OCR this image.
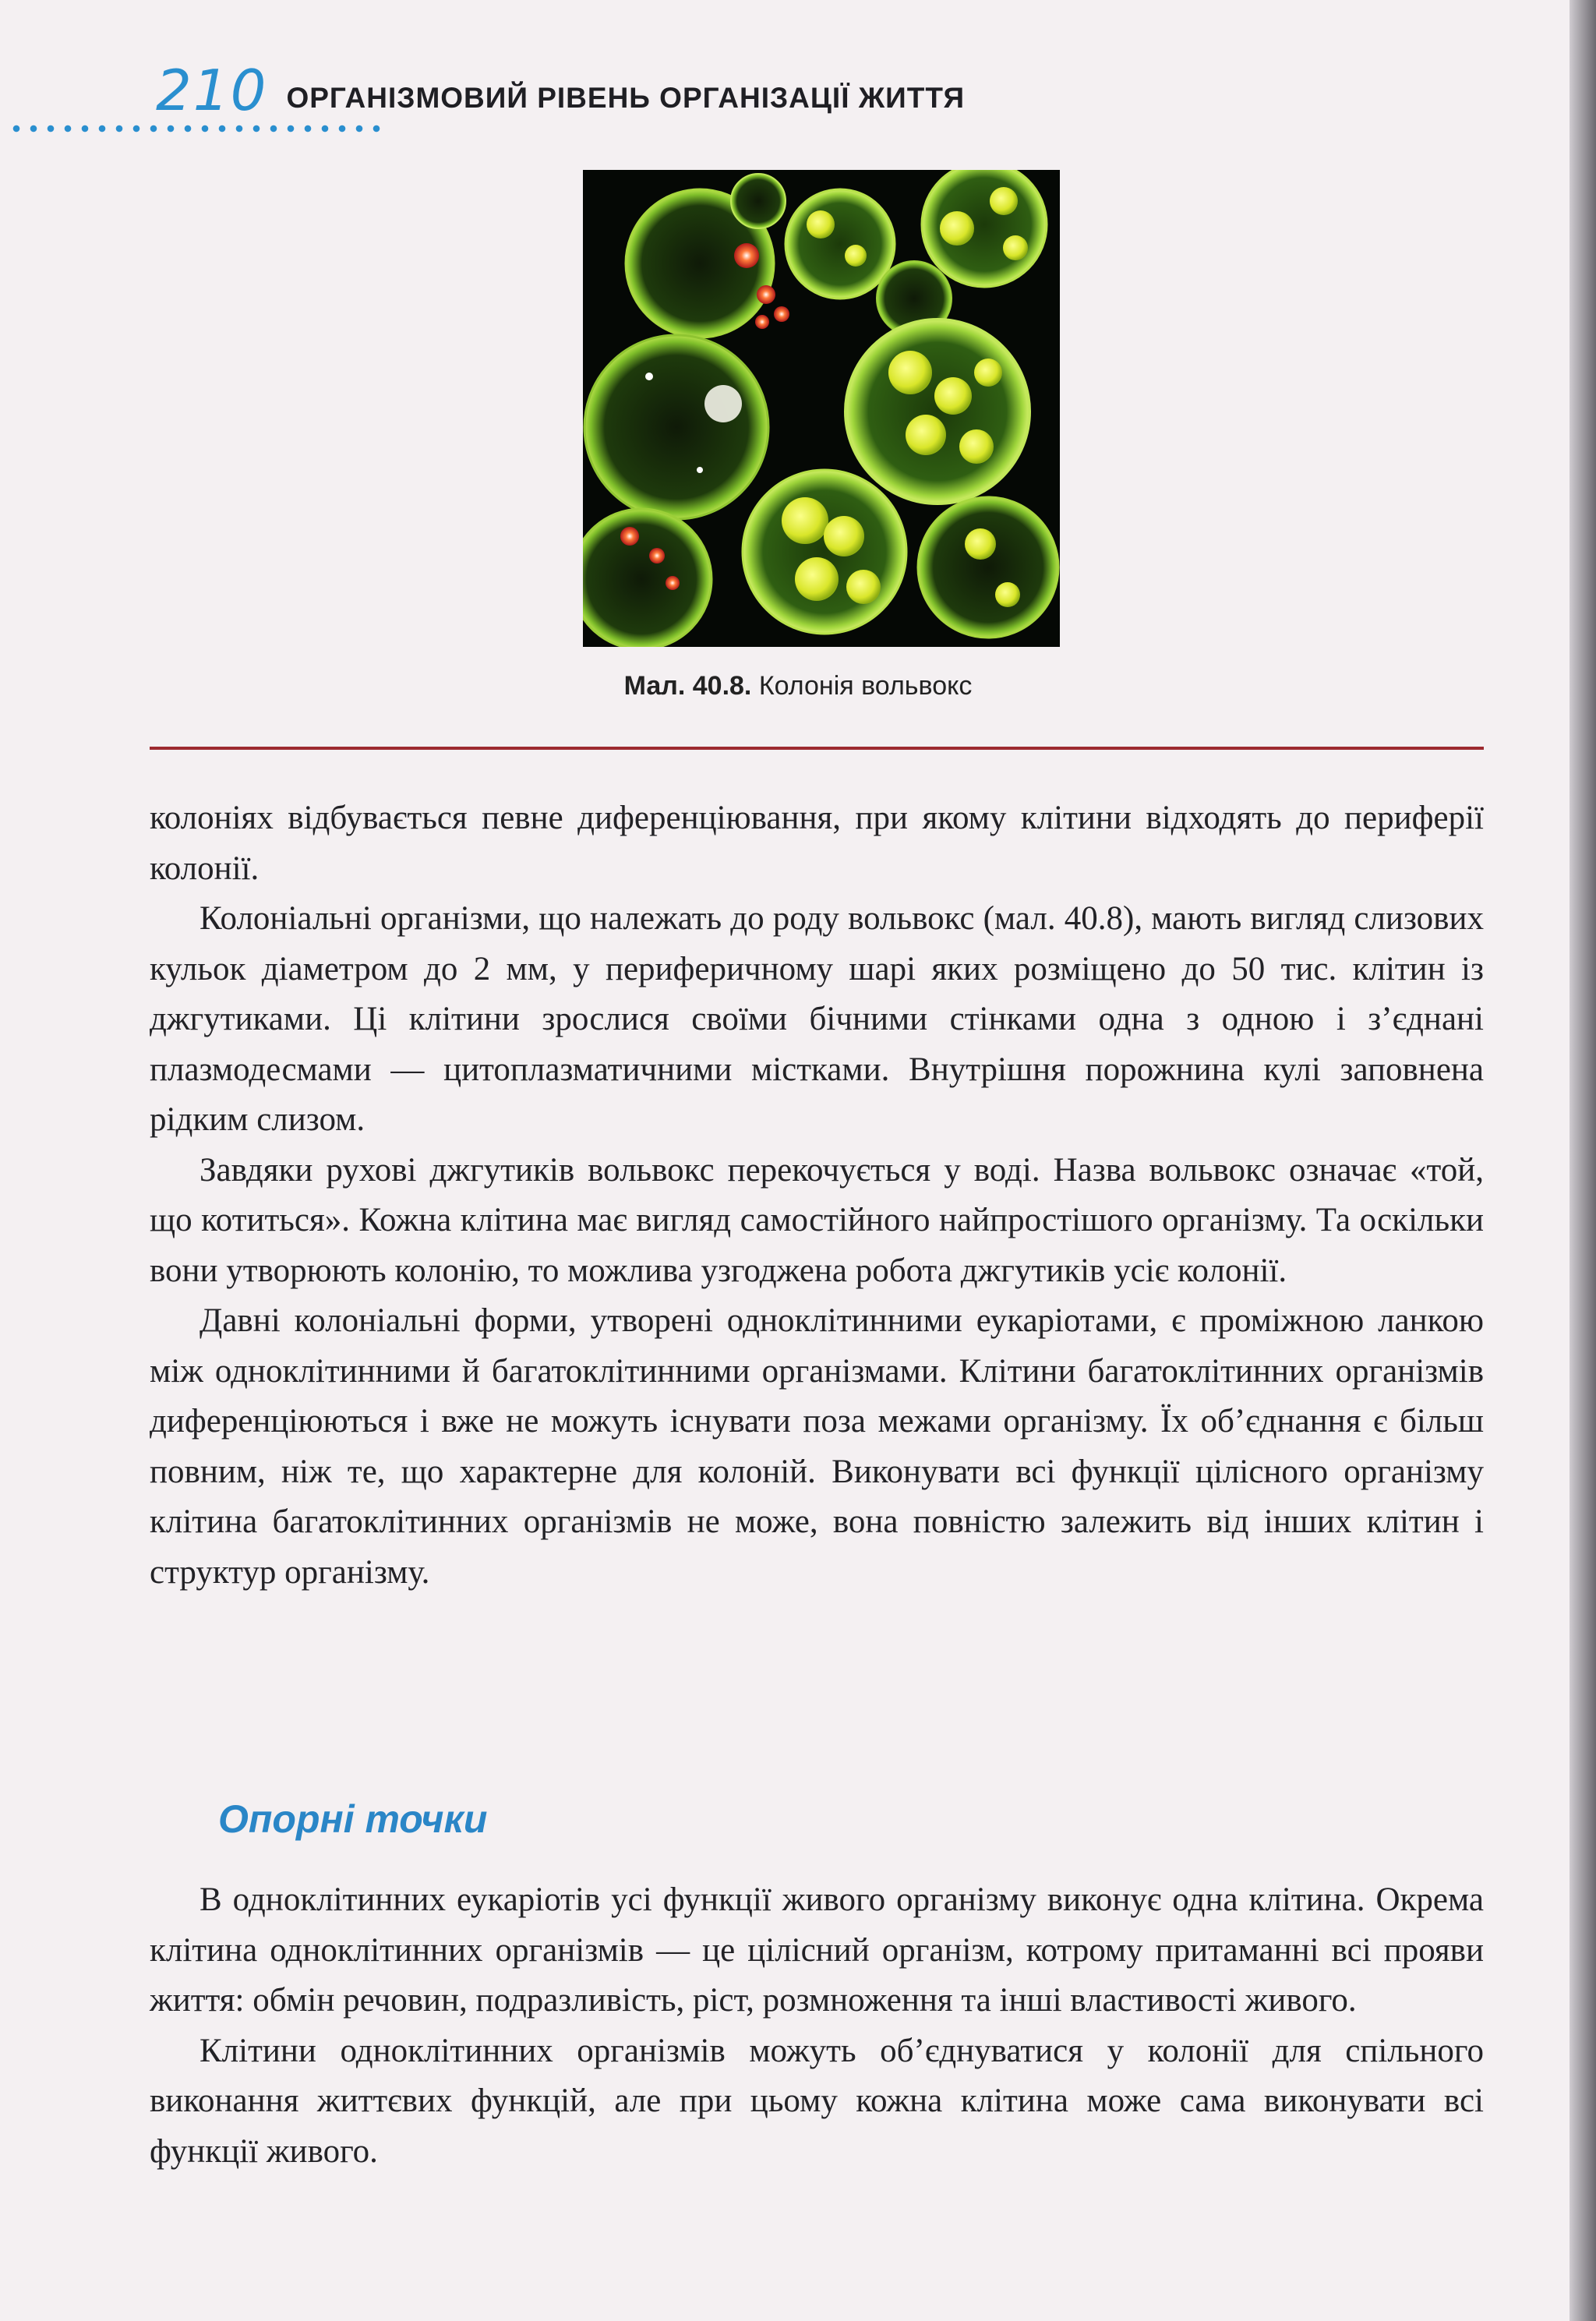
210 ОРГАНІЗМОВИЙ РІВЕНЬ ОРГАНІЗАЦІЇ ЖИТТЯ
Мал. 40.8. Колонія вольвокс

колоніях відбувається певне диференціювання, при якому клітини відходять до периферії колонії.

Колоніальні організми, що належать до роду вольвокс (мал. 40.8), мають вигляд слизових кульок діаметром до 2 мм, у периферичному шарі яких розміщено до 50 тис. клітин із джгутиками. Ці клітини зрослися своїми бічними стінками одна з одною і з’єднані плазмодесмами — цитоплазматичними містками. Внутрішня порожнина кулі заповнена рідким слизом.

Завдяки рухові джгутиків вольвокс перекочується у воді. Назва вольвокс означає «той, що котиться». Кожна клітина має вигляд самостійного найпростішого організму. Та оскільки вони утворюють колонію, то можлива узгоджена робота джгутиків усіє колонії.

Давні колоніальні форми, утворені одноклітинними еукаріотами, є проміжною ланкою між одноклітинними й багатоклітинними організмами. Клітини багатоклітинних організмів диференціюються і вже не можуть існувати поза межами організму. Їх об’єднання є більш повним, ніж те, що характерне для колоній. Виконувати всі функції цілісного організму клітина багатоклітинних організмів не може, вона повністю залежить від інших клітин і структур організму.

Опорні точки

В одноклітинних еукаріотів усі функції живого організму виконує одна клітина. Окрема клітина одноклітинних організмів — це цілісний організм, котрому притаманні всі прояви життя: обмін речовин, подразливість, ріст, розмноження та інші властивості живого.

Клітини одноклітинних організмів можуть об’єднуватися у колонії для спільного виконання життєвих функцій, але при цьому кожна клітина може сама виконувати всі функції живого.
